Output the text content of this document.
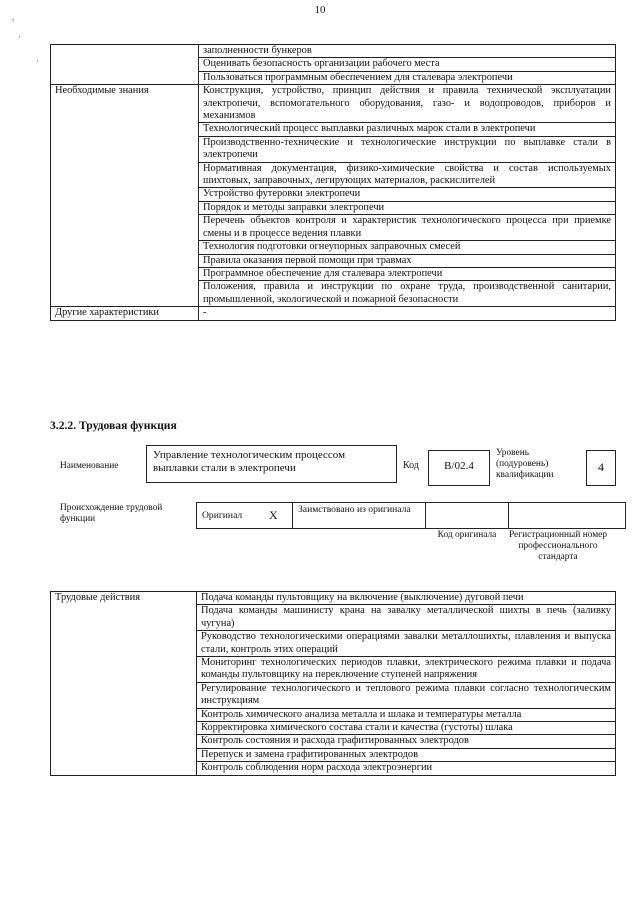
10
,
·
·
	заполненности бункеров
	Оценивать безопасность организации рабочего места
	Пользоваться программным обеспечением для сталевара электропечи
Необходимые знания	Конструкция, устройство, принцип действия и правила технической эксплуатации электропечи, вспомогательного оборудования, газо- и водопроводов, приборов и механизмов
	Технологический процесс выплавки различных марок стали в электропечи
	Производственно-технические и технологические инструкции по выплавке стали в электропечи
	Нормативная документация, физико-химические свойства и состав используемых шихтовых, заправочных, легирующих материалов, раскислителей
	Устройство футеровки электропечи
	Порядок и методы заправки электропечи
	Перечень объектов контроля и характеристик технологического процесса при приемке смены и в процессе ведения плавки
	Технология подготовки огнеупорных заправочных смесей
	Правила оказания первой помощи при травмах
	Программное обеспечение для сталевара электропечи
	Положения, правила и инструкции по охране труда, производственной санитарии, промышленной, экологической и пожарной безопасности
Другие характеристики	-
3.2.2. Трудовая функция
Наименование
Управление технологическим процессом выплавки стали в электропечи	Код	B/02.4
Уровень (подуровень) квалификации
4
Происхождение трудовой функции	Оригинал	X	Заимствовано из оригинала		
Код оригинала	Регистрационный номер профессионального стандарта
Трудовые действия	Подача команды пультовщику на включение (выключение) дуговой печи
Подача команды машинисту крана на завалку металлической шихты в печь (заливку чугуна)
Руководство технологическими операциями завалки металлошихты, плавления и выпуска стали, контроль этих операций
Мониторинг технологических периодов плавки, электрического режима плавки и подача команды пультовщику на переключение ступеней напряжения
Регулирование технологического и теплового режима плавки согласно технологическим инструкциям
Контроль химического анализа металла и шлака и температуры металла
Корректировка химического состава стали и качества (густоты) шлака
Контроль состояния и расхода графитированных электродов
Перепуск и замена графитированных электродов
Контроль соблюдения норм расхода электроэнергии
